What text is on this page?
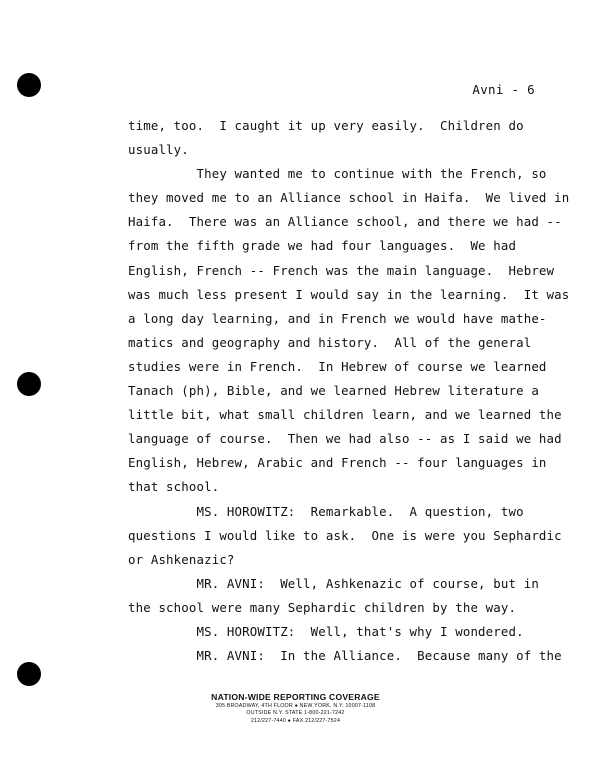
Avni - 6
time, too.  I caught it up very easily.  Children do
usually.
They wanted me to continue with the French, so
they moved me to an Alliance school in Haifa.  We lived in
Haifa.  There was an Alliance school, and there we had --
from the fifth grade we had four languages.  We had
English, French -- French was the main language.  Hebrew
was much less present I would say in the learning.  It was
a long day learning, and in French we would have mathe-
matics and geography and history.  All of the general
studies were in French.  In Hebrew of course we learned
Tanach (ph), Bible, and we learned Hebrew literature a
little bit, what small children learn, and we learned the
language of course.  Then we had also -- as I said we had
English, Hebrew, Arabic and French -- four languages in
that school.
MS. HOROWITZ:  Remarkable.  A question, two
questions I would like to ask.  One is were you Sephardic
or Ashkenazic?
MR. AVNI:  Well, Ashkenazic of course, but in
the school were many Sephardic children by the way.
MS. HOROWITZ:  Well, that's why I wondered.
MR. AVNI:  In the Alliance.  Because many of the
NATION-WIDE REPORTING COVERAGE
305 BROADWAY, 4TH FLOOR ● NEW YORK, N.Y. 10007-1108
OUTSIDE N.Y. STATE 1-800-221-7242
212/227-7440 ● FAX 212/227-7524
